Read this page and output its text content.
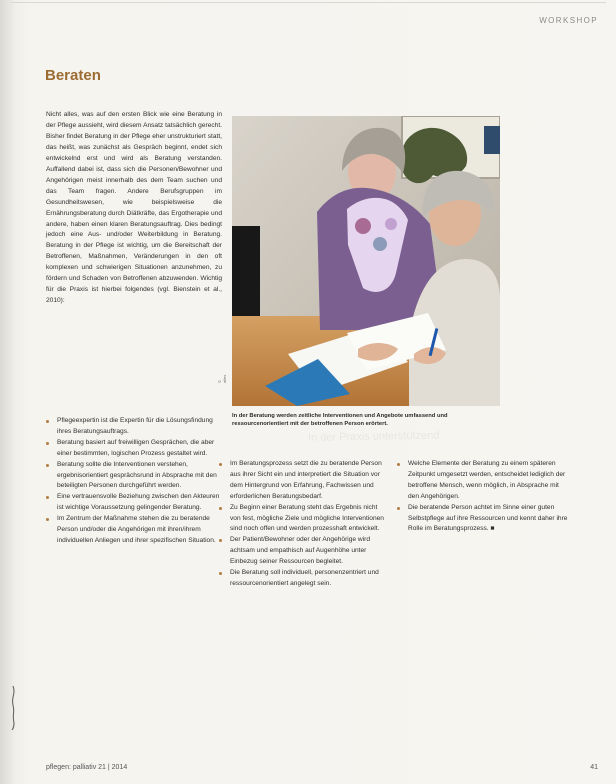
WORKSHOP
Beraten

Nicht alles, was auf den ersten Blick wie eine Beratung in der Pflege aussieht, wird diesem Ansatz tatsächlich gerecht. Bisher findet Beratung in der Pflege eher unstrukturiert statt, das heißt, was zunächst als Gespräch beginnt, endet sich entwickelnd erst und wird als Beratung verstanden. Auffallend dabei ist, dass sich die Personen/Bewohner und Angehörigen meist innerhalb des dem Team suchen und das Team fragen. Andere Berufsgruppen im Gesundheitswesen, wie beispielsweise die Ernährungsberatung durch Diätkräfte, das Ergotherapie und andere, haben einen klaren Beratungsauftrag. Dies bedingt jedoch eine Aus- und/oder Weiterbildung in Beratung. Beratung in der Pflege ist wichtig, um die Bereitschaft der Betroffenen, Maßnahmen, Veränderungen in den oft komplexen und schwierigen Situationen anzunehmen, zu fördern und Schaden von Betroffenen abzuwenden. Wichtig für die Praxis ist hierbei folgendes (vgl. Bienstein et al., 2010):

Pflegeexpertin ist die Expertin für die Lösungsfindung ihres Beratungsauftrags.
Beratung basiert auf freiwilligen Gesprächen, die aber einer bestimmten, logischen Prozess gestaltet wird.
Beratung sollte die Interventionen verstehen, ergebnisorientiert gesprächsrund in Absprache mit den beteiligten Personen durchgeführt werden.
Eine vertrauensvolle Beziehung zwischen den Akteuren ist wichtige Voraussetzung gelingender Beratung.
Im Zentrum der Maßnahme stehen die zu beratende Person und/oder die Angehörigen mit ihren/ihrem individuellen Anliegen und ihrer spezifischen Situation.
© alles
In der Beratung werden zeitliche Interventionen und Angebote umfassend und ressourcenorientiert mit der betroffenen Person erörtert.
In der Praxis unterstützend
Im Beratungsprozess setzt die zu beratende Person aus ihrer Sicht ein und interpretiert die Situation vor dem Hintergrund von Erfahrung, Fachwissen und erforderlichen Beratungsbedarf.
Zu Beginn einer Beratung steht das Ergebnis nicht von fest, mögliche Ziele und mögliche Interventionen sind noch offen und werden prozesshaft entwickelt.
Der Patient/Bewohner oder der Angehörige wird achtsam und empathisch auf Augenhöhe unter Einbezug seiner Ressourcen begleitet.
Die Beratung soll individuell, personenzentriert und ressourcenorientiert angelegt sein.
Welche Elemente der Beratung zu einem späteren Zeitpunkt umgesetzt werden, entscheidet lediglich der betroffene Mensch, wenn möglich, in Absprache mit den Angehörigen.
Die beratende Person achtet im Sinne einer guten Selbstpflege auf ihre Ressourcen und kennt daher ihre Rolle im Beratungsprozess. ■
pflegen: palliativ 21 | 2014	41
